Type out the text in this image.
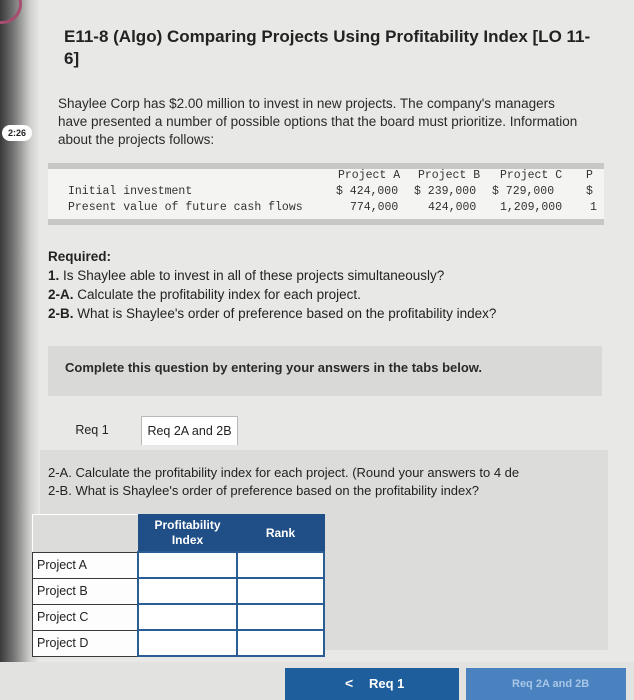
2:26
E11-8 (Algo) Comparing Projects Using Profitability Index [LO 11-6]
Shaylee Corp has $2.00 million to invest in new projects. The company's managers have presented a number of possible options that the board must prioritize. Information about the projects follows:
Project A Project B Project C P
Initial investment	$ 424,000 $ 239,000 $ 729,000	$
Present value of future cash flows	774,000	424,000 1,209,000 1
Required:
1. Is Shaylee able to invest in all of these projects simultaneously?
2-A. Calculate the profitability index for each project.
2-B. What is Shaylee's order of preference based on the profitability index?
Complete this question by entering your answers in the tabs below.
Req 1	Req 2A and 2B
2-A. Calculate the profitability index for each project. (Round your answers to 4 de
2-B. What is Shaylee's order of preference based on the profitability index?
	Profitability Index	Rank
Project A		
Project B		
Project C		
Project D		
< Req 1	Req 2A and 2B
